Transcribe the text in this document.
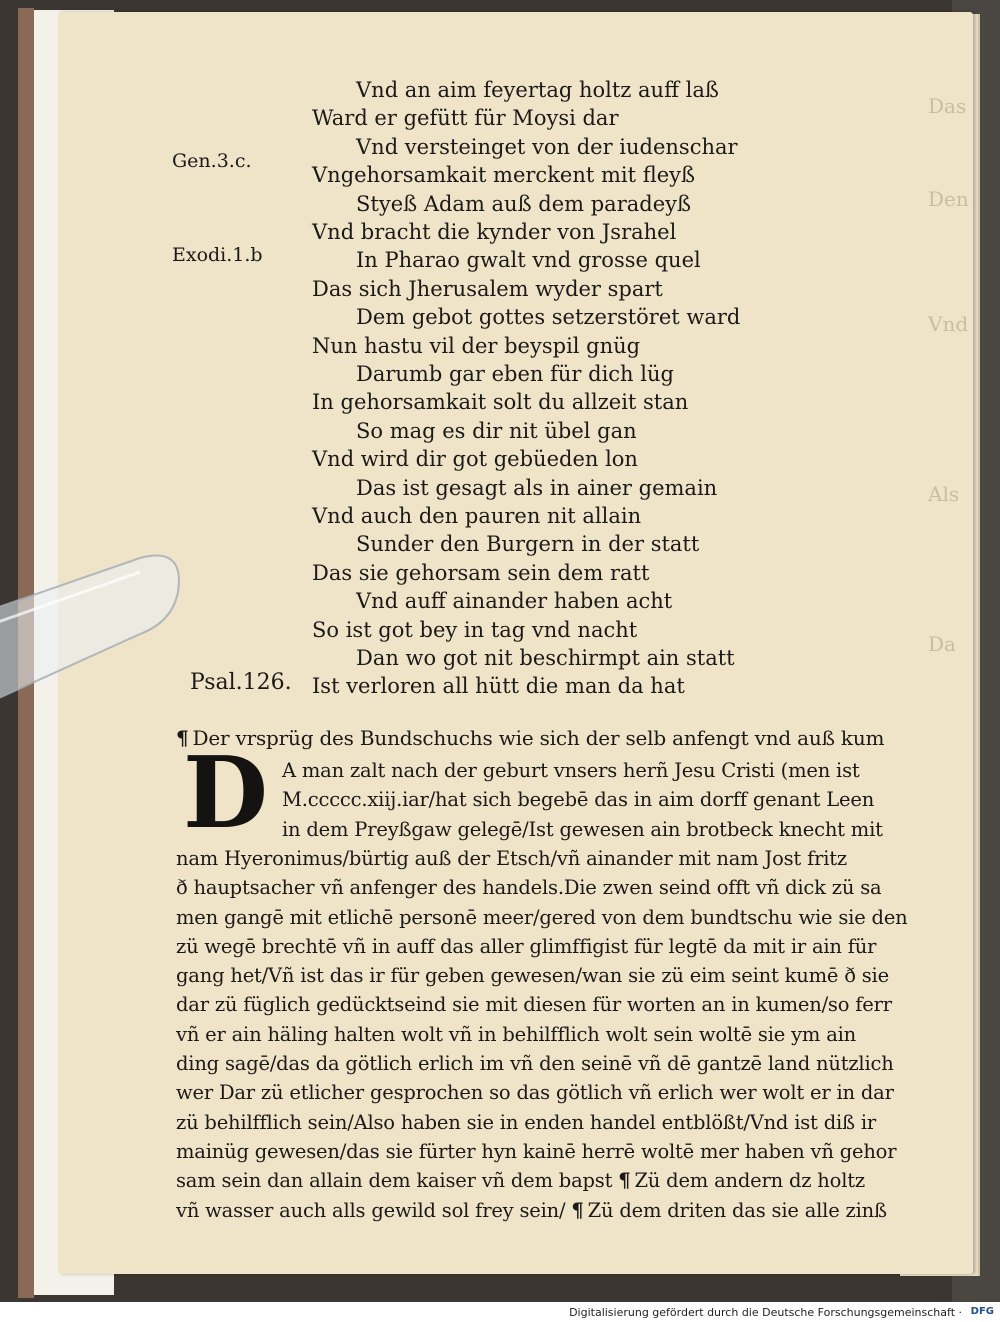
Das
Den
Vnd
Als
Da
Vnd an aim feyertag holtz auff laß
Ward er gefütt für Moysi dar
Vnd versteinget von der iudenschar
Vngehorsamkait merckent mit fleyß
Styeß Adam auß dem paradeyß
Vnd bracht die kynder von Jsrahel
In Pharao gwalt vnd grosse quel
Das sich Jherusalem wyder spart
Dem gebot gottes setzerstöret ward
Nun hastu vil der beyspil gnüg
Darumb gar eben für dich lüg
In gehorsamkait solt du allzeit stan
So mag es dir nit übel gan
Vnd wird dir got gebüeden lon
Das ist gesagt als in ainer gemain
Vnd auch den pauren nit allain
Sunder den Burgern in der statt
Das sie gehorsam sein dem ratt
Vnd auff ainander haben acht
So ist got bey in tag vnd nacht
Dan wo got nit beschirmpt ain statt
Ist verloren all hütt die man da hat
Gen.3.c.
Exodi.1.b
Psal.126.
¶ Der vrsprüg des Bundschuchs wie sich der selb anfengt vnd auß kum
D A man zalt nach der geburt vnsers herñ Jesu Cristi (men ist
M.ccccc.xiij.iar/hat sich begebē das in aim dorff genant Leen
in dem Preyßgaw gelegē/Ist gewesen ain brotbeck knecht mit
nam Hyeronimus/bürtig auß der Etsch/vñ ainander mit nam Jost fritz
ð hauptsacher vñ anfenger des handels.Die zwen seind offt vñ dick zü sa
men gangē mit etlichē personē meer/gered von dem bundtschu wie sie den
zü wegē brechtē vñ in auff das aller glimffigist für legtē da mit ir ain für
gang het/Vñ ist das ir für geben gewesen/wan sie zü eim seint kumē ð sie
dar zü füglich gedücktseind sie mit diesen für worten an in kumen/so ferr
vñ er ain häling halten wolt vñ in behilfflich wolt sein woltē sie ym ain
ding sagē/das da götlich erlich im vñ den seinē vñ dē gantzē land nützlich
wer Dar zü etlicher gesprochen so das götlich vñ erlich wer wolt er in dar
zü behilfflich sein/Also haben sie in enden handel entblößt/Vnd ist diß ir
mainüg gewesen/das sie fürter hyn kainē herrē woltē mer haben vñ gehor
sam sein dan allain dem kaiser vñ dem bapst ¶ Zü dem andern dz holtz
vñ wasser auch alls gewild sol frey sein/ ¶ Zü dem driten das sie alle zinß
Digitalisierung gefördert durch die Deutsche Forschungsgemeinschaft · DFG
